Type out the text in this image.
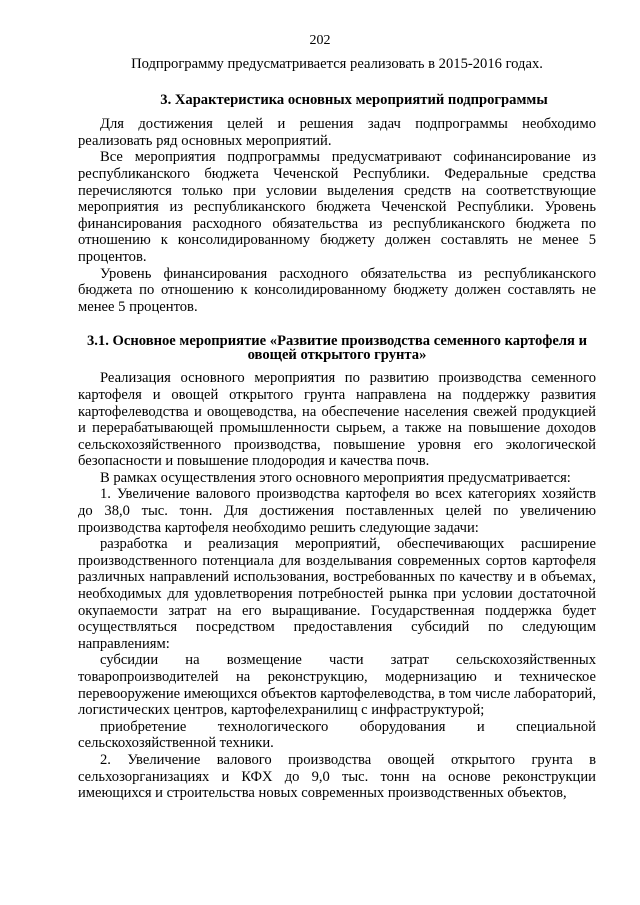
202

Подпрограмму предусматривается реализовать в 2015-2016 годах.

3. Характеристика основных мероприятий подпрограммы

Для достижения целей и решения задач подпрограммы необходимо реализовать ряд основных мероприятий.

Все мероприятия подпрограммы предусматривают софинансирование из республиканского бюджета Чеченской Республики. Федеральные средства перечисляются только при условии выделения средств на соответствующие мероприятия из республиканского бюджета Чеченской Республики. Уровень финансирования расходного обязательства из республиканского бюджета по отношению к консолидированному бюджету должен составлять не менее 5 процентов.

Уровень финансирования расходного обязательства из республиканского бюджета по отношению к консолидированному бюджету должен составлять не менее 5 процентов.

3.1. Основное мероприятие «Развитие производства семенного картофеля и овощей открытого грунта»

Реализация основного мероприятия по развитию производства семенного картофеля и овощей открытого грунта направлена на поддержку развития картофелеводства и овощеводства, на обеспечение населения свежей продукцией и перерабатывающей промышленности сырьем, а также на повышение доходов сельскохозяйственного производства, повышение уровня его экологической безопасности и повышение плодородия и качества почв.

В рамках осуществления этого основного мероприятия предусматривается:

1. Увеличение валового производства картофеля во всех категориях хозяйств до 38,0 тыс. тонн. Для достижения поставленных целей по увеличению производства картофеля необходимо решить следующие задачи:

разработка и реализация мероприятий, обеспечивающих расширение производственного потенциала для возделывания современных сортов картофеля различных направлений использования, востребованных по качеству и в объемах, необходимых для удовлетворения потребностей рынка при условии достаточной окупаемости затрат на его выращивание. Государственная поддержка будет осуществляться посредством предоставления субсидий по следующим направлениям:

субсидии на возмещение части затрат сельскохозяйственных товаропроизводителей на реконструкцию, модернизацию и техническое перевооружение имеющихся объектов картофелеводства, в том числе лабораторий, логистических центров, картофелехранилищ с инфраструктурой;

приобретение технологического оборудования и специальной сельскохозяйственной техники.

2. Увеличение валового производства овощей открытого грунта в сельхозорганизациях и КФХ до 9,0 тыс. тонн на основе реконструкции имеющихся и строительства новых современных производственных объектов,
